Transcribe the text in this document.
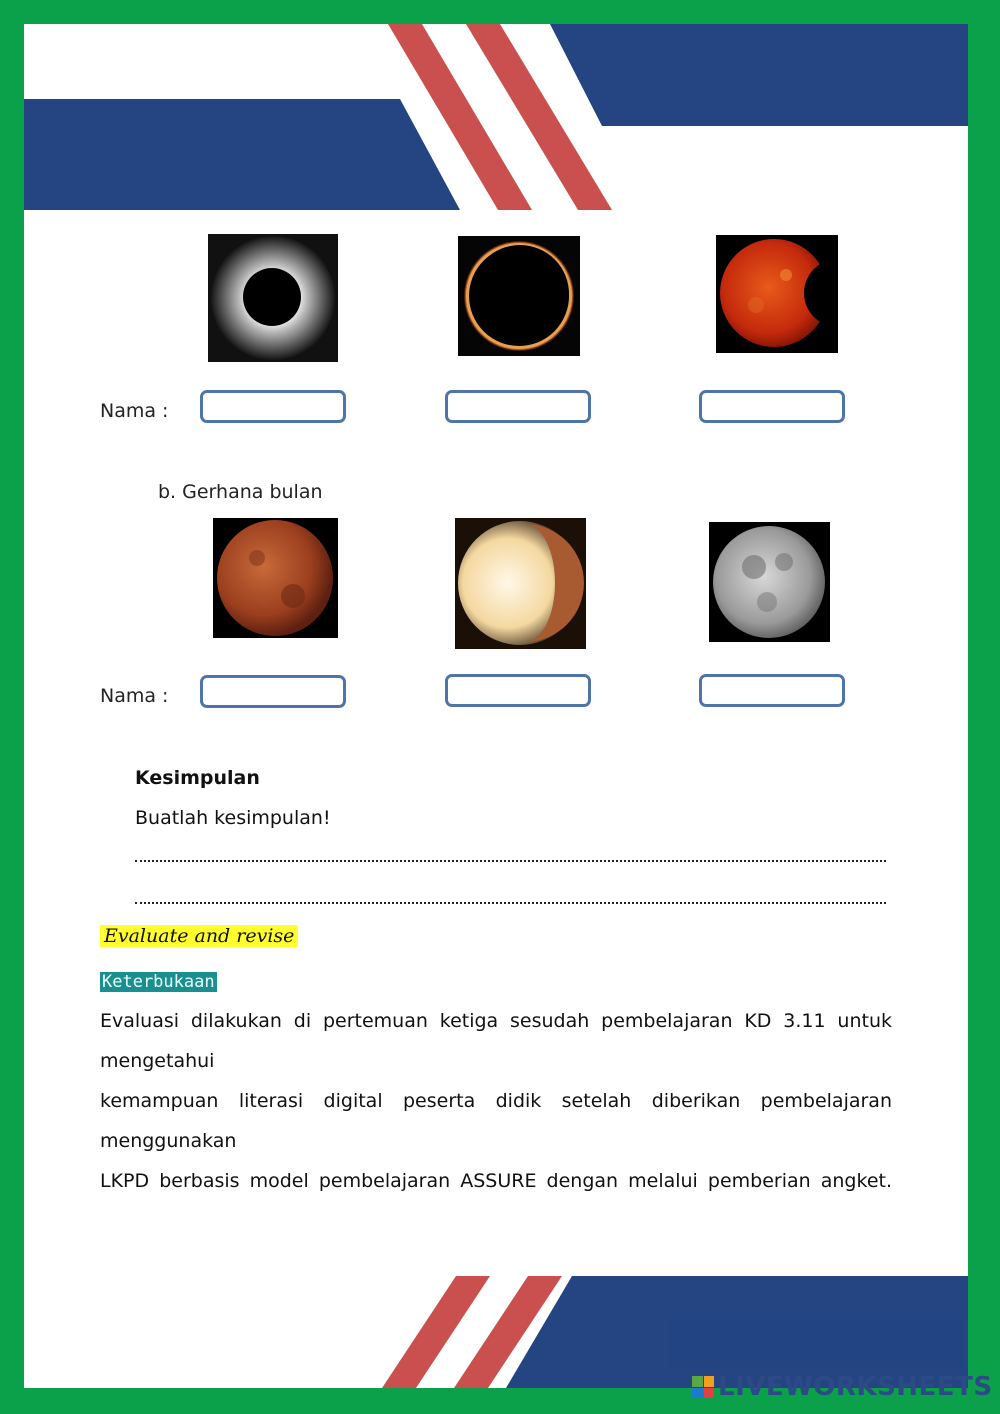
Nama :
b. Gerhana bulan
Nama :
Kesimpulan
Buatlah kesimpulan!
Evaluate and revise
Keterbukaan
Evaluasi dilakukan di pertemuan ketiga sesudah pembelajaran KD 3.11 untuk mengetahui
kemampuan literasi digital peserta didik setelah diberikan pembelajaran menggunakan
LKPD berbasis model pembelajaran ASSURE dengan melalui pemberian angket.
LIVEWORKSHEETS
